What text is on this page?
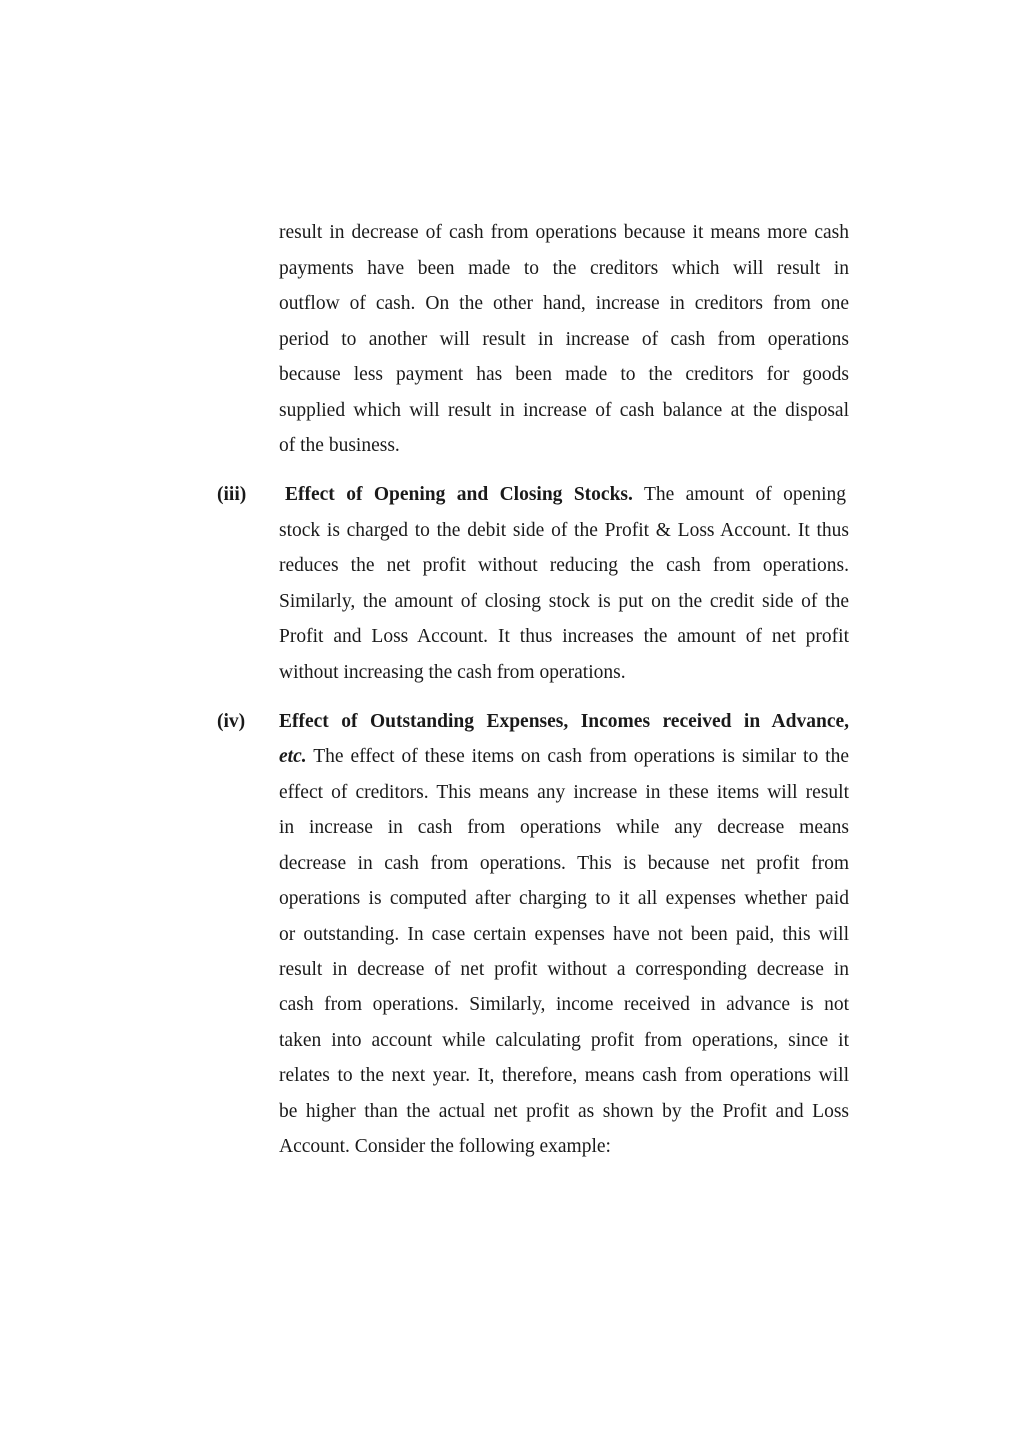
result in decrease of cash from operations because it means more cash
payments have been made to the creditors which will result in
outflow of cash. On the other hand, increase in creditors from one
period to another will result in increase of cash from operations
because less payment has been made to the creditors for goods
supplied which will result in increase of cash balance at the disposal
of the business.
(iii) Effect of Opening and Closing Stocks. The amount of opening
stock is charged to the debit side of the Profit & Loss Account. It thus
reduces the net profit without reducing the cash from operations.
Similarly, the amount of closing stock is put on the credit side of the
Profit and Loss Account. It thus increases the amount of net profit
without increasing the cash from operations.
(iv) Effect of Outstanding Expenses, Incomes received in Advance,
etc. The effect of these items on cash from operations is similar to the
effect of creditors. This means any increase in these items will result
in increase in cash from operations while any decrease means
decrease in cash from operations. This is because net profit from
operations is computed after charging to it all expenses whether paid
or outstanding. In case certain expenses have not been paid, this will
result in decrease of net profit without a corresponding decrease in
cash from operations. Similarly, income received in advance is not
taken into account while calculating profit from operations, since it
relates to the next year. It, therefore, means cash from operations will
be higher than the actual net profit as shown by the Profit and Loss
Account. Consider the following example:
